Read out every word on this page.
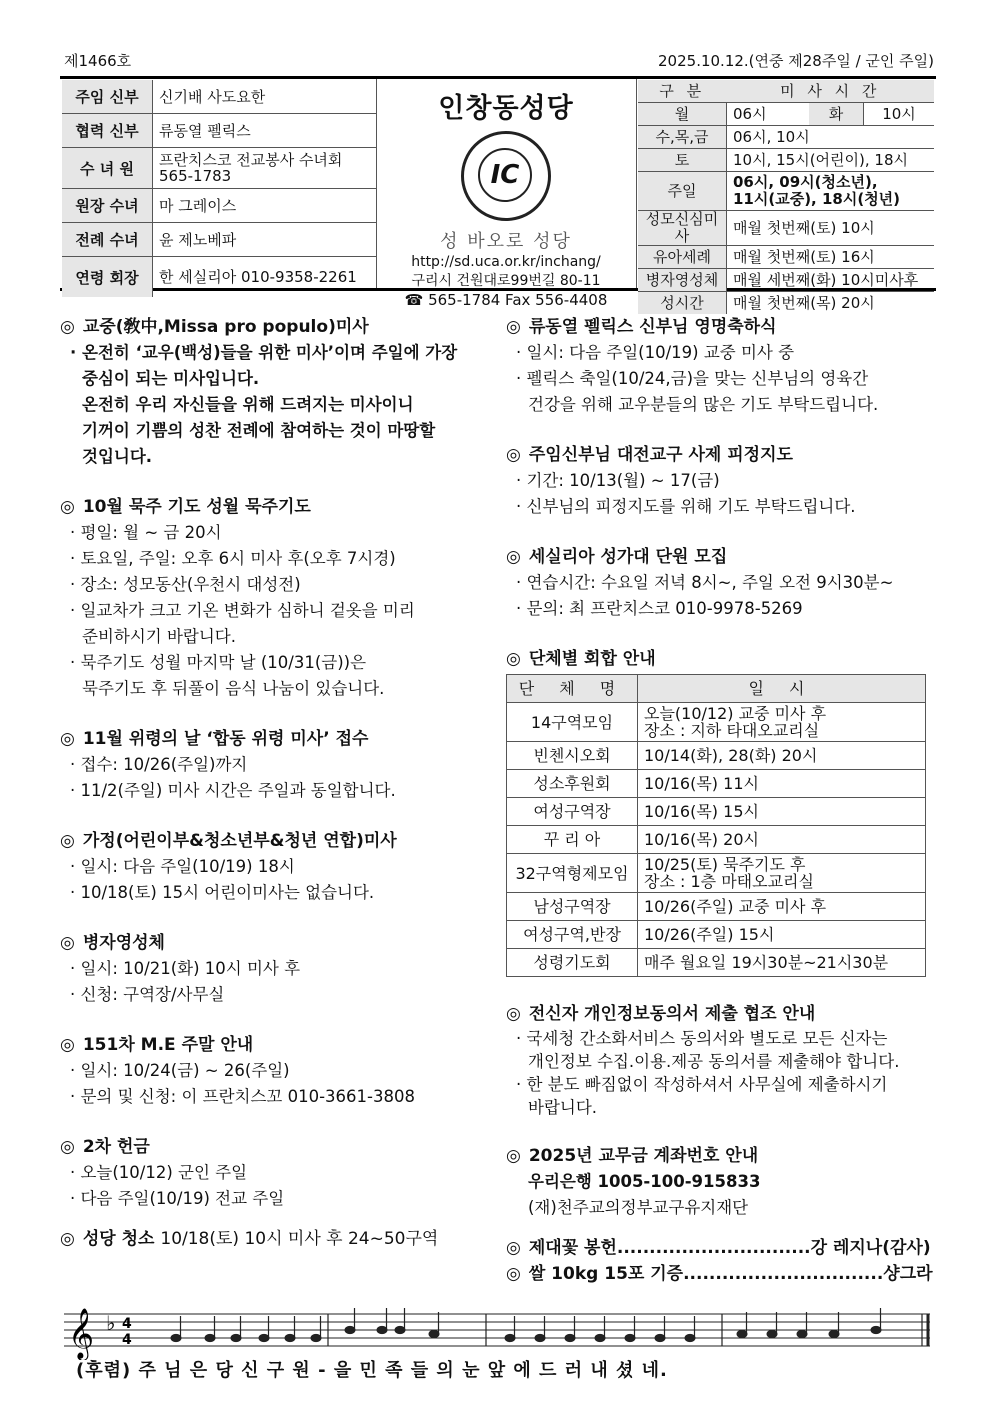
제1466호	2025.10.12.(연중 제28주일 / 군인 주일)
주임 신부	신기배 사도요한
협력 신부	류동열 펠릭스
수 녀 원	프란치스코 전교봉사 수녀회
565-1783
원장 수녀	마 그레이스
전례 수녀	윤 제노베파
연령 회장	한 세실리아 010-9358-2261
인창동성당
IC
성 바오로 성당
http://sd.uca.or.kr/inchang/
구리시 건원대로99번길 80-11
☎ 565-1784 Fax 556-4408
구 분	미 사 시 간		
월	06시	화	10시
수,목,금	06시, 10시		
토	10시, 15시(어린이), 18시		
주일	06시, 09시(청소년),
11시(교중), 18시(청년)		
성모신심미사	매월 첫번째(토) 10시		
유아세례	매월 첫번째(토) 16시		
병자영성체	매월 세번째(화) 10시미사후		
성시간	매월 첫번째(목) 20시		
◎ 교중(敎中,Missa pro populo)미사
· 온전히 ‘교우(백성)들을 위한 미사’이며 주일에 가장
중심이 되는 미사입니다.
온전히 우리 자신들을 위해 드려지는 미사이니
기꺼이 기쁨의 성찬 전례에 참여하는 것이 마땅할
것입니다.
◎ 10월 묵주 기도 성월 묵주기도
· 평일: 월 ~ 금 20시
· 토요일, 주일: 오후 6시 미사 후(오후 7시경)
· 장소: 성모동산(우천시 대성전)
· 일교차가 크고 기온 변화가 심하니 겉옷을 미리
준비하시기 바랍니다.
· 묵주기도 성월 마지막 날 (10/31(금))은
묵주기도 후 뒤풀이 음식 나눔이 있습니다.
◎ 11월 위령의 날 ‘합동 위령 미사’ 접수
· 접수: 10/26(주일)까지
· 11/2(주일) 미사 시간은 주일과 동일합니다.
◎ 가정(어린이부&청소년부&청년 연합)미사
· 일시: 다음 주일(10/19) 18시
· 10/18(토) 15시 어린이미사는 없습니다.
◎ 병자영성체
· 일시: 10/21(화) 10시 미사 후
· 신청: 구역장/사무실
◎ 151차 M.E 주말 안내
· 일시: 10/24(금) ~ 26(주일)
· 문의 및 신청: 이 프란치스꼬 010-3661-3808
◎ 2차 헌금
· 오늘(10/12) 군인 주일
· 다음 주일(10/19) 전교 주일
◎ 성당 청소 10/18(토) 10시 미사 후 24~50구역
◎ 류동열 펠릭스 신부님 영명축하식
· 일시: 다음 주일(10/19) 교중 미사 중
· 펠릭스 축일(10/24,금)을 맞는 신부님의 영육간
건강을 위해 교우분들의 많은 기도 부탁드립니다.
◎ 주임신부님 대전교구 사제 피정지도
· 기간: 10/13(월) ~ 17(금)
· 신부님의 피정지도를 위해 기도 부탁드립니다.
◎ 세실리아 성가대 단원 모집
· 연습시간: 수요일 저녁 8시~, 주일 오전 9시30분~
· 문의: 최 프란치스코 010-9978-5269
◎ 단체별 회합 안내
단 체 명	일 시
14구역모임	오늘(10/12) 교중 미사 후
장소 : 지하 타대오교리실
빈첸시오회	10/14(화), 28(화) 20시
성소후원회	10/16(목) 11시
여성구역장	10/16(목) 15시
꾸 리 아	10/16(목) 20시
32구역형제모임	10/25(토) 묵주기도 후
장소 : 1층 마태오교리실
남성구역장	10/26(주일) 교중 미사 후
여성구역,반장	10/26(주일) 15시
성령기도회	매주 월요일 19시30분~21시30분
◎ 전신자 개인정보동의서 제출 협조 안내
· 국세청 간소화서비스 동의서와 별도로 모든 신자는
개인정보 수집.이용.제공 동의서를 제출해야 합니다.
· 한 분도 빠짐없이 작성하셔서 사무실에 제출하시기
바랍니다.
◎ 2025년 교무금 계좌번호 안내
우리은행 1005-100-915833
(재)천주교의정부교구유지재단
◎ 제대꽃 봉헌..............................강 레지나(감사)
◎ 쌀 10kg 15포 기증...............................샹그라
𝄞 ♭ 4
4
(후렴) 주 님 은 당 신 구 원 - 을 민 족 들 의 눈 앞 에 드 러 내 셨 네.
